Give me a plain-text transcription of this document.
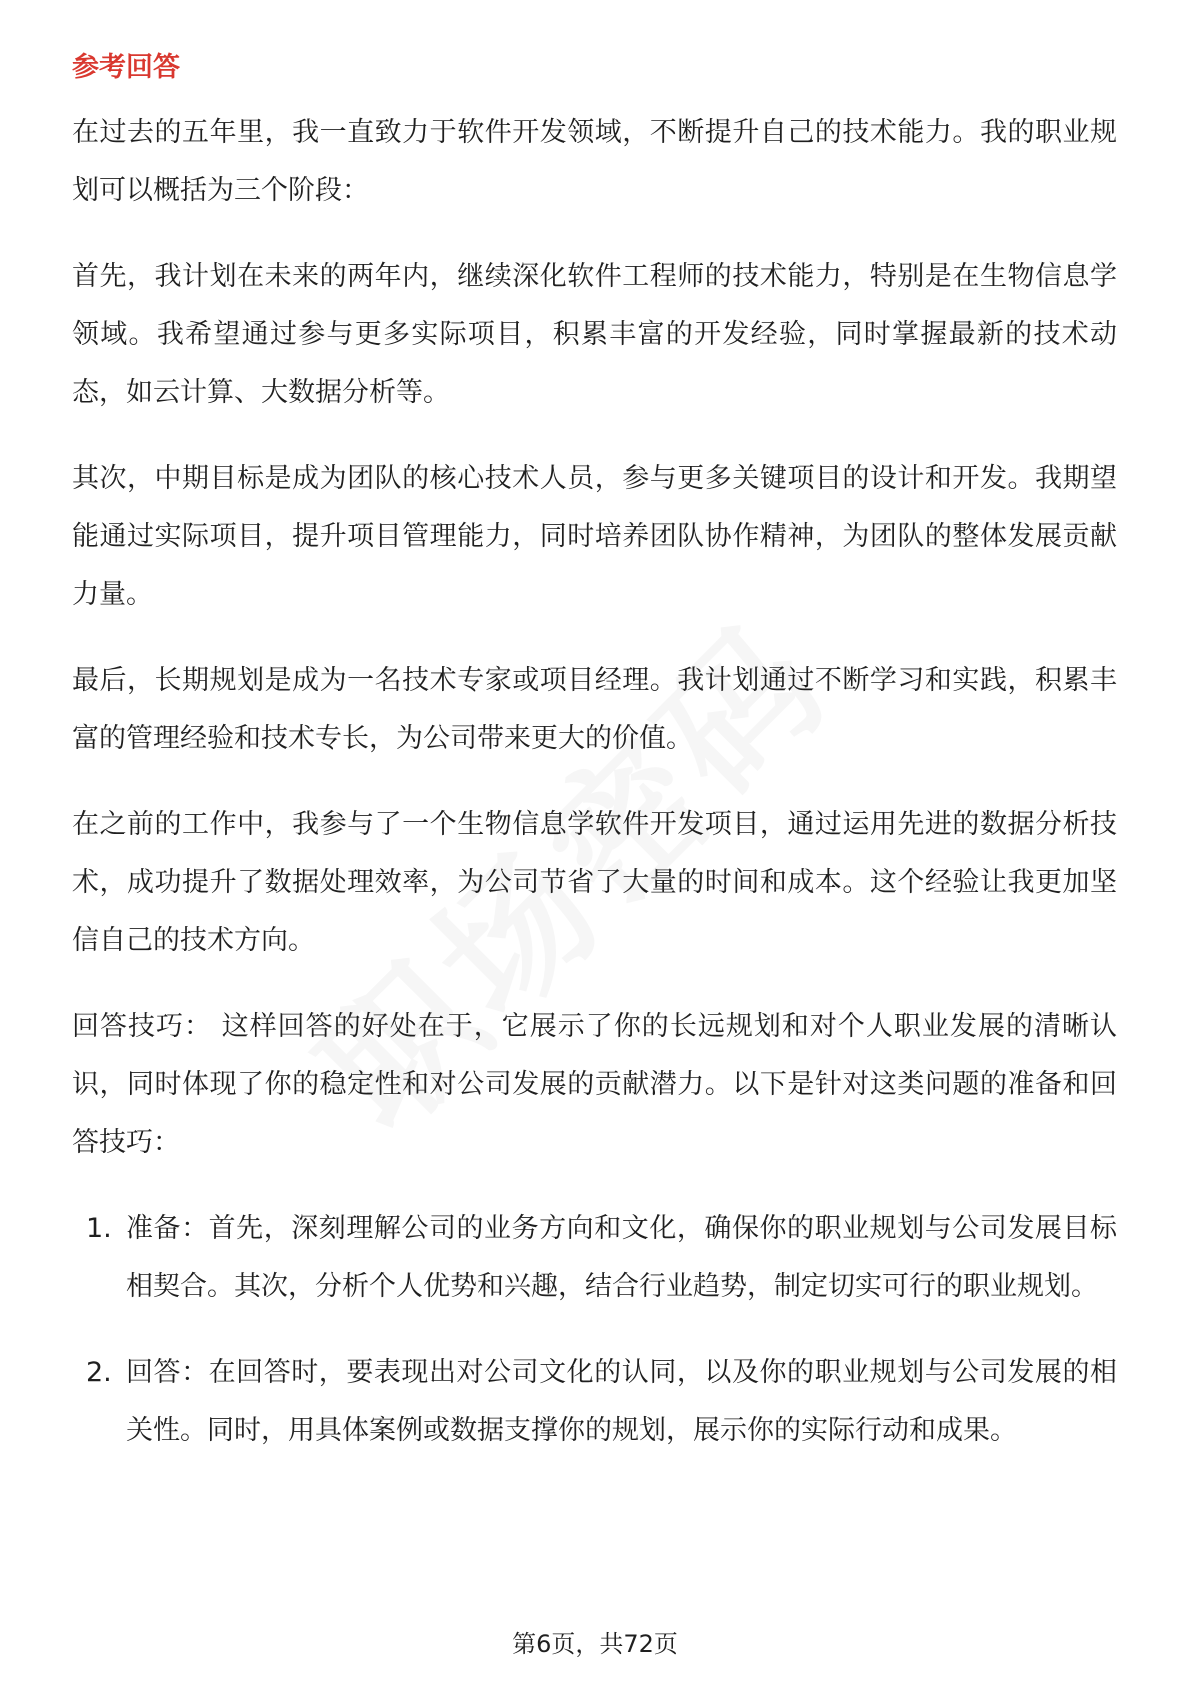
参考回答

在过去的五年里，我一直致力于软件开发领域，不断提升自己的技术能力。我的职业规划可以概括为三个阶段：

首先，我计划在未来的两年内，继续深化软件工程师的技术能力，特别是在生物信息学领域。我希望通过参与更多实际项目，积累丰富的开发经验，同时掌握最新的技术动态，如云计算、大数据分析等。

其次，中期目标是成为团队的核心技术人员，参与更多关键项目的设计和开发。我期望能通过实际项目，提升项目管理能力，同时培养团队协作精神，为团队的整体发展贡献力量。

最后，长期规划是成为一名技术专家或项目经理。我计划通过不断学习和实践，积累丰富的管理经验和技术专长，为公司带来更大的价值。

在之前的工作中，我参与了一个生物信息学软件开发项目，通过运用先进的数据分析技术，成功提升了数据处理效率，为公司节省了大量的时间和成本。这个经验让我更加坚信自己的技术方向。

回答技巧： 这样回答的好处在于，它展示了你的长远规划和对个人职业发展的清晰认识，同时体现了你的稳定性和对公司发展的贡献潜力。以下是针对这类问题的准备和回答技巧：

1. 准备：首先，深刻理解公司的业务方向和文化，确保你的职业规划与公司发展目标相契合。其次，分析个人优势和兴趣，结合行业趋势，制定切实可行的职业规划。
2. 回答：在回答时，要表现出对公司文化的认同，以及你的职业规划与公司发展的相关性。同时，用具体案例或数据支撑你的规划，展示你的实际行动和成果。
第6页，共72页
